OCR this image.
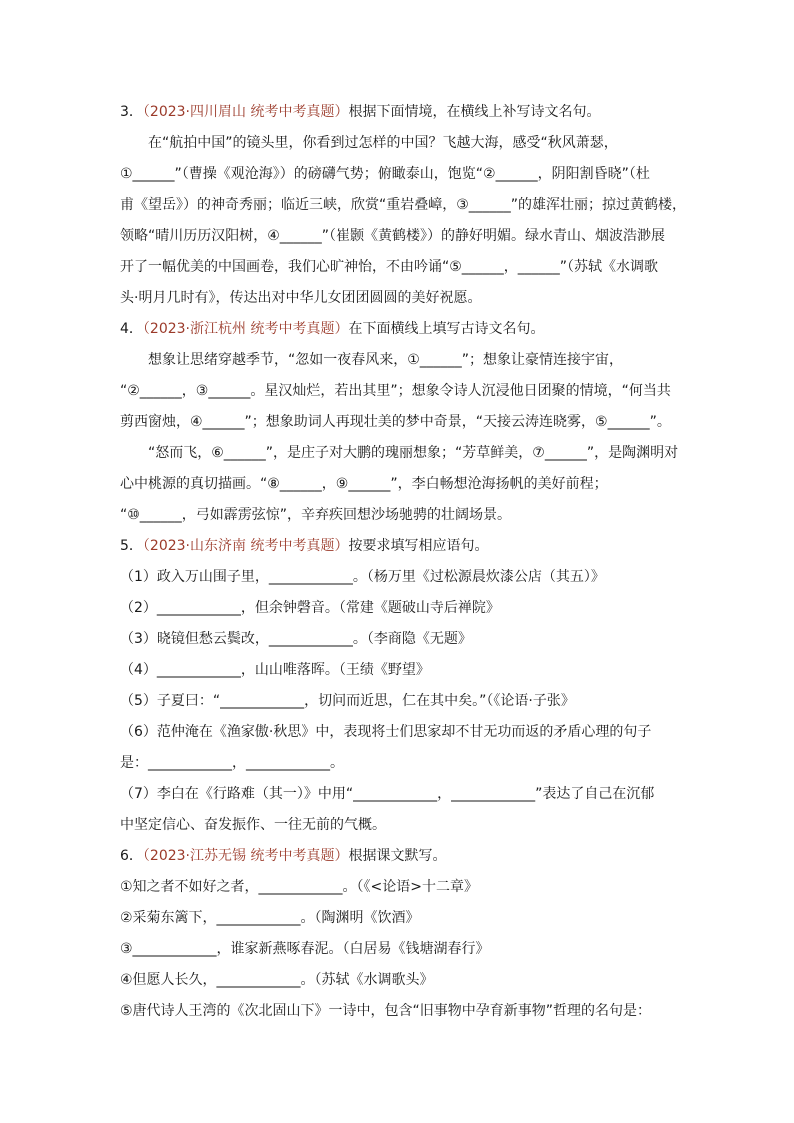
3．（2023·四川眉山 统考中考真题）根据下面情境，在横线上补写诗文名句。
在“航拍中国”的镜头里，你看到过怎样的中国？飞越大海，感受“秋风萧瑟，
①______”（曹操《观沧海》）的磅礴气势；俯瞰泰山，饱览“②______，阴阳割昏晓”（杜
甫《望岳》）的神奇秀丽；临近三峡，欣赏“重岩叠嶂，③______”的雄浑壮丽；掠过黄鹤楼，
领略“晴川历历汉阳树，④______”（崔颢《黄鹤楼》）的静好明媚。绿水青山、烟波浩渺展
开了一幅优美的中国画卷，我们心旷神怡，不由吟诵“⑤______，______”（苏轼《水调歌
头·明月几时有》，传达出对中华儿女团团圆圆的美好祝愿。
4．（2023·浙江杭州 统考中考真题）在下面横线上填写古诗文名句。
想象让思绪穿越季节，“忽如一夜春风来，①______”；想象让豪情连接宇宙，
“②______，③______。星汉灿烂，若出其里”；想象令诗人沉浸他日团聚的情境，“何当共
剪西窗烛，④______”；想象助词人再现壮美的梦中奇景，“天接云涛连晓雾，⑤______”。
“怒而飞，⑥______”，是庄子对大鹏的瑰丽想象；“芳草鲜美，⑦______”，是陶渊明对
心中桃源的真切描画。“⑧______，⑨______”，李白畅想沧海扬帆的美好前程；
“⑩______，弓如霹雳弦惊”，辛弃疾回想沙场驰骋的壮阔场景。
5．（2023·山东济南 统考中考真题）按要求填写相应语句。
（1）政入万山围子里，____________。（杨万里《过松源晨炊漆公店（其五）》
（2）____________，但余钟磬音。（常建《题破山寺后禅院》
（3）晓镜但愁云鬓改，____________。（李商隐《无题》
（4）____________，山山唯落晖。（王绩《野望》
（5）子夏曰：“____________，切问而近思，仁在其中矣。”（《论语·子张》
（6）范仲淹在《渔家傲·秋思》中，表现将士们思家却不甘无功而返的矛盾心理的句子
是：____________，____________。
（7）李白在《行路难（其一）》中用“____________，____________”表达了自己在沉郁
中坚定信心、奋发振作、一往无前的气概。
6．（2023·江苏无锡 统考中考真题）根据课文默写。
①知之者不如好之者，____________。（《<论语>十二章》
②采菊东篱下，____________。（陶渊明《饮酒》
③____________，谁家新燕啄春泥。（白居易《钱塘湖春行》
④但愿人长久，____________。（苏轼《水调歌头》
⑤唐代诗人王湾的《次北固山下》一诗中，包含“旧事物中孕育新事物”哲理的名句是：
